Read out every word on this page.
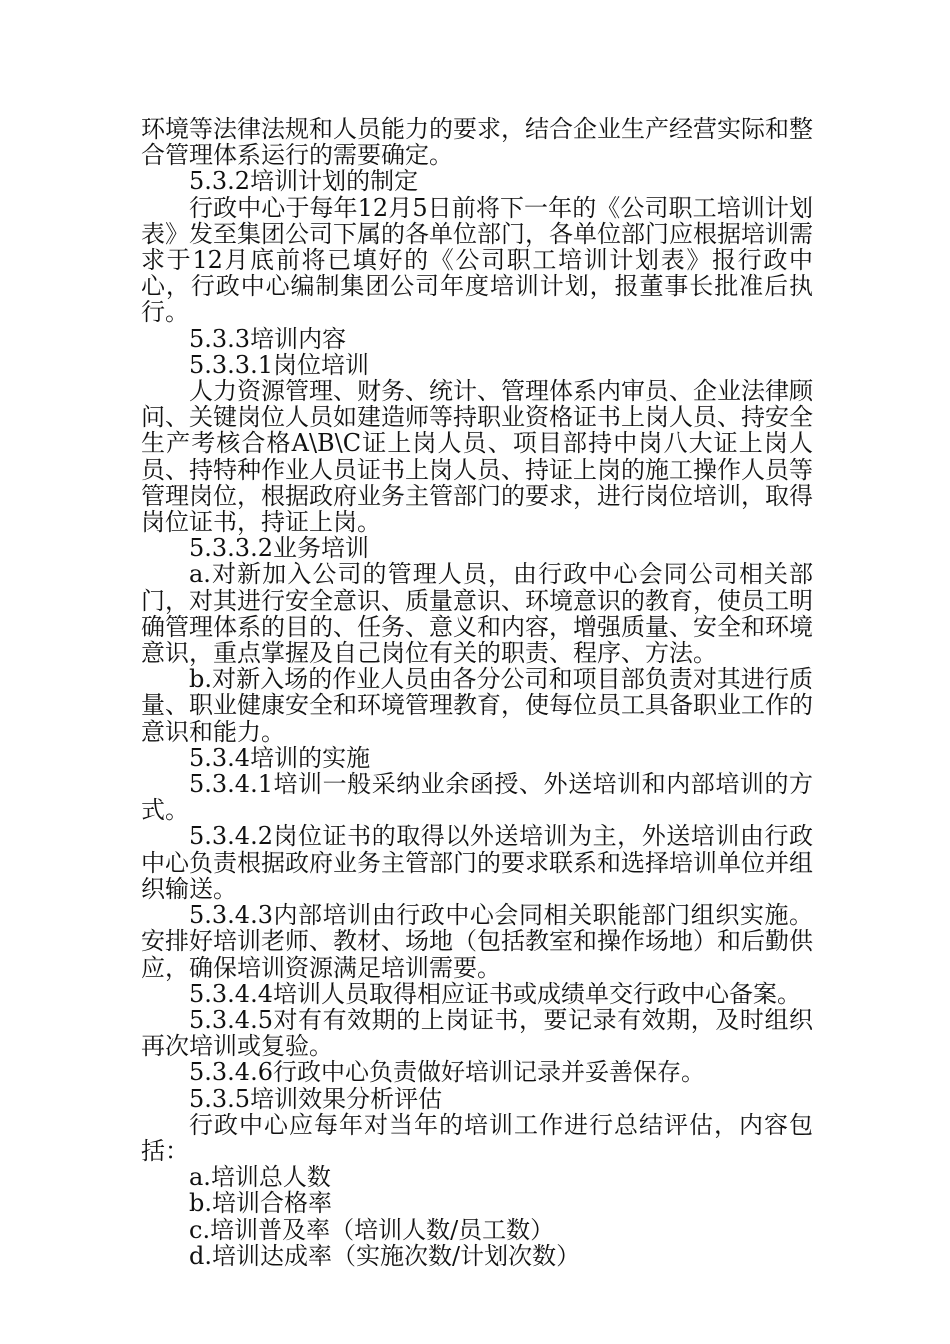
环境等法律法规和人员能力的要求，结合企业生产经营实际和整合管理体系运行的需要确定。

5.3.2培训计划的制定

行政中心于每年12月5日前将下一年的《公司职工培训计划表》发至集团公司下属的各单位部门，各单位部门应根据培训需求于12月底前将已填好的《公司职工培训计划表》报行政中心，行政中心编制集团公司年度培训计划，报董事长批准后执行。

5.3.3培训内容

5.3.3.1岗位培训

人力资源管理、财务、统计、管理体系内审员、企业法律顾问、关键岗位人员如建造师等持职业资格证书上岗人员、持安全生产考核合格A\B\C证上岗人员、项目部持中岗八大证上岗人员、持特种作业人员证书上岗人员、持证上岗的施工操作人员等管理岗位，根据政府业务主管部门的要求，进行岗位培训，取得岗位证书，持证上岗。

5.3.3.2业务培训

a.对新加入公司的管理人员，由行政中心会同公司相关部门，对其进行安全意识、质量意识、环境意识的教育，使员工明确管理体系的目的、任务、意义和内容，增强质量、安全和环境意识，重点掌握及自己岗位有关的职责、程序、方法。

b.对新入场的作业人员由各分公司和项目部负责对其进行质量、职业健康安全和环境管理教育，使每位员工具备职业工作的意识和能力。

5.3.4培训的实施

5.3.4.1培训一般采纳业余函授、外送培训和内部培训的方式。

5.3.4.2岗位证书的取得以外送培训为主，外送培训由行政中心负责根据政府业务主管部门的要求联系和选择培训单位并组织输送。

5.3.4.3内部培训由行政中心会同相关职能部门组织实施。安排好培训老师、教材、场地（包括教室和操作场地）和后勤供应，确保培训资源满足培训需要。

5.3.4.4培训人员取得相应证书或成绩单交行政中心备案。

5.3.4.5对有有效期的上岗证书，要记录有效期，及时组织再次培训或复验。

5.3.4.6行政中心负责做好培训记录并妥善保存。

5.3.5培训效果分析评估

行政中心应每年对当年的培训工作进行总结评估，内容包括：

a.培训总人数

b.培训合格率

c.培训普及率（培训人数/员工数）

d.培训达成率（实施次数/计划次数）
